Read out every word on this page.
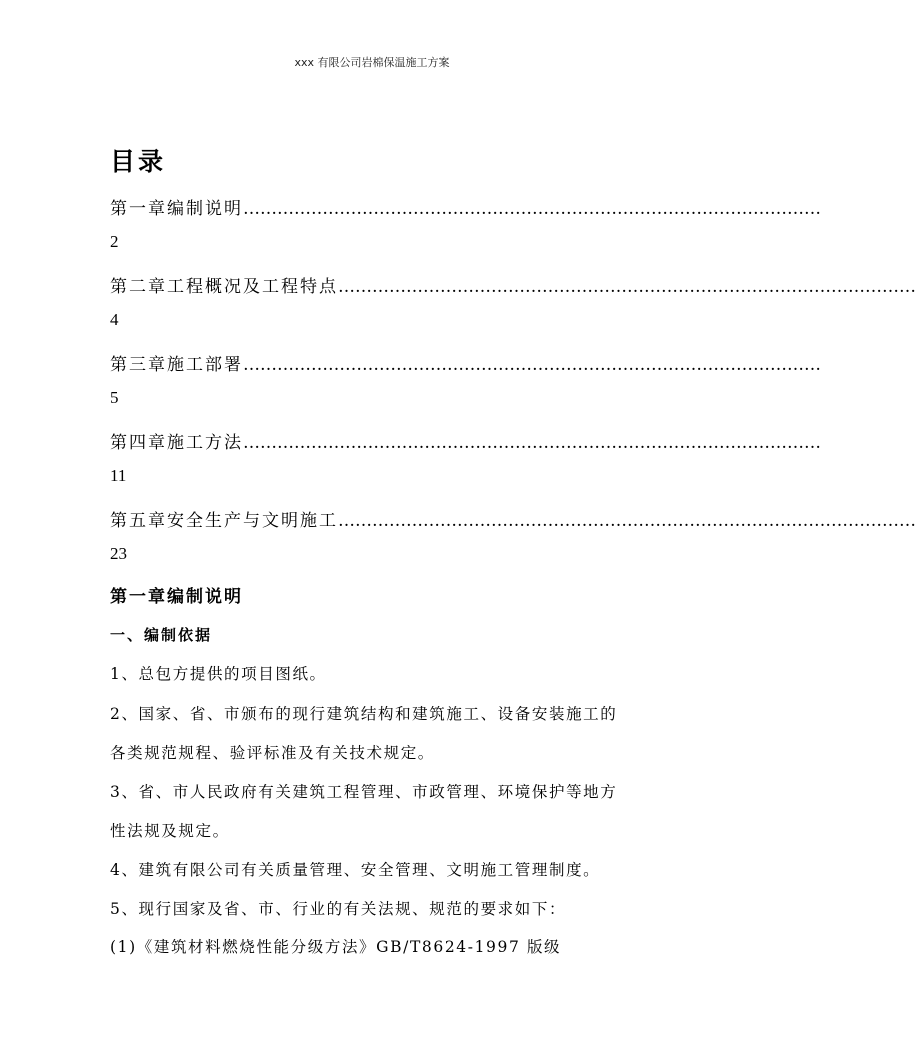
xxx 有限公司岩棉保温施工方案
目录
第一章编制说明 …………………………………………………………………………………………
2
第二章工程概况及工程特点 …………………………………………………………………………………………
4
第三章施工部署 …………………………………………………………………………………………
5
第四章施工方法 …………………………………………………………………………………………
11
第五章安全生产与文明施工 …………………………………………………………………………………………
23
第一章编制说明
一、编制依据
1、总包方提供的项目图纸。
2、国家、省、市颁布的现行建筑结构和建筑施工、设备安装施工的
各类规范规程、验评标准及有关技术规定。
3、省、市人民政府有关建筑工程管理、市政管理、环境保护等地方
性法规及规定。
4、建筑有限公司有关质量管理、安全管理、文明施工管理制度。
5、现行国家及省、市、行业的有关法规、规范的要求如下：
(1)《建筑材料燃烧性能分级方法》GB/T8624-1997 版级
